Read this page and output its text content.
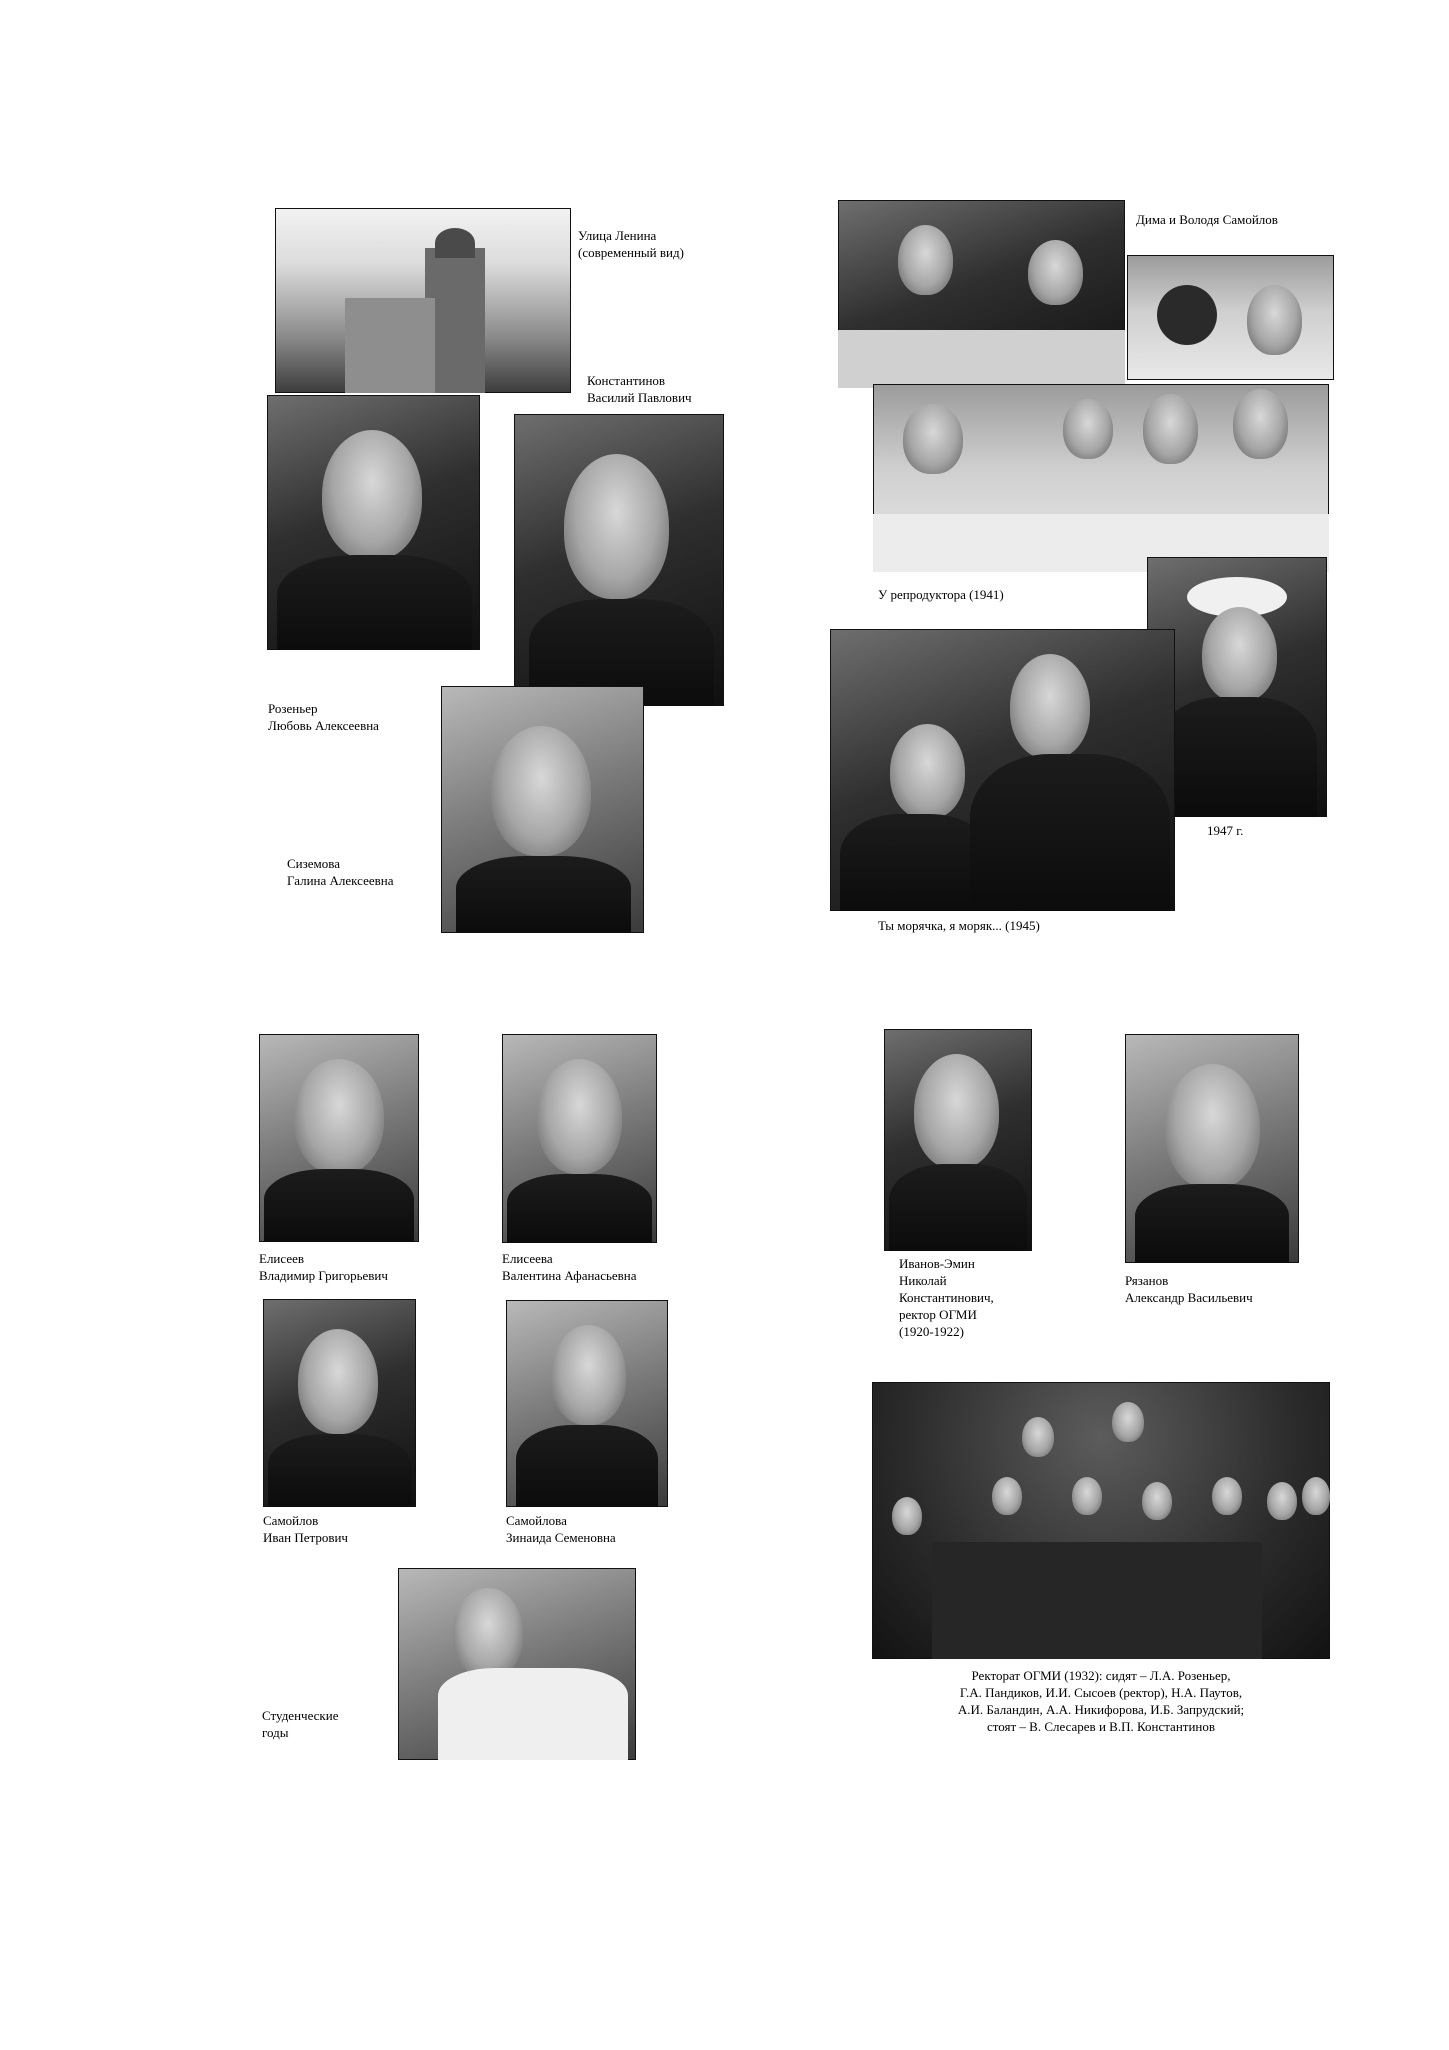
Улица Ленина
(современный вид)
Константинов
Василий Павлович
Розеньер
Любовь Алексеевна
Сиземова
Галина Алексеевна
Дима и Володя Самойлов
У репродуктора (1941)
1947 г.
Ты морячка, я моряк... (1945)
Елисеев
Владимир Григорьевич
Елисеева
Валентина Афанасьевна
Самойлов
Иван Петрович
Самойлова
Зинаида Семеновна
Студенческие
годы
Иванов-Эмин
Николай
Константинович,
ректор ОГМИ
(1920-1922)
Рязанов
Александр Васильевич
Ректорат ОГМИ (1932): сидят – Л.А. Розеньер,
Г.А. Пандиков, И.И. Сысоев (ректор), Н.А. Паутов,
А.И. Баландин, А.А. Никифорова, И.Б. Запрудский;
стоят – В. Слесарев и В.П. Константинов
